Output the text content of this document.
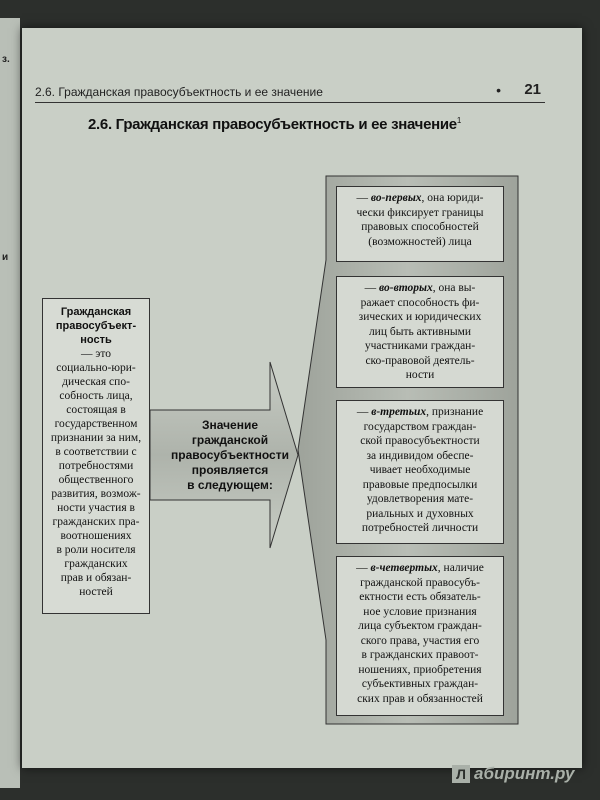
з.
и
2.6. Гражданская правосубъектность и ее значение	• 21
2.6. Гражданская правосубъектность и ее значение$^1$
Гражданская правосубъектность
— это
социально-юри-
дическая спо-
собность лица,
состоящая в
государственном
признании за ним,
в соответствии с
потребностями
общественного
развития, возмож-
ности участия в
гражданских пра-
воотношениях
в роли носителя
гражданских
прав и обязан-
ностей
Значение
гражданской
правосубъектности
проявляется
в следующем:
— во-первых, она юриди-
чески фиксирует границы
правовых способностей
(возможностей) лица
— во-вторых, она вы-
ражает способность фи-
зических и юридических
лиц быть активными
участниками граждан-
ско-правовой деятель-
ности
— в-третьих, признание
государством граждан-
ской правосубъектности
за индивидом обеспе-
чивает необходимые
правовые предпосылки
удовлетворения мате-
риальных и духовных
потребностей личности
— в-четвертых, наличие
гражданской правосубъ-
ектности есть обязатель-
ное условие признания
лица субъектом граждан-
ского права, участия его
в гражданских правоот-
ношениях, приобретения
субъективных граждан-
ских прав и обязанностей
Л абиринт.ру
